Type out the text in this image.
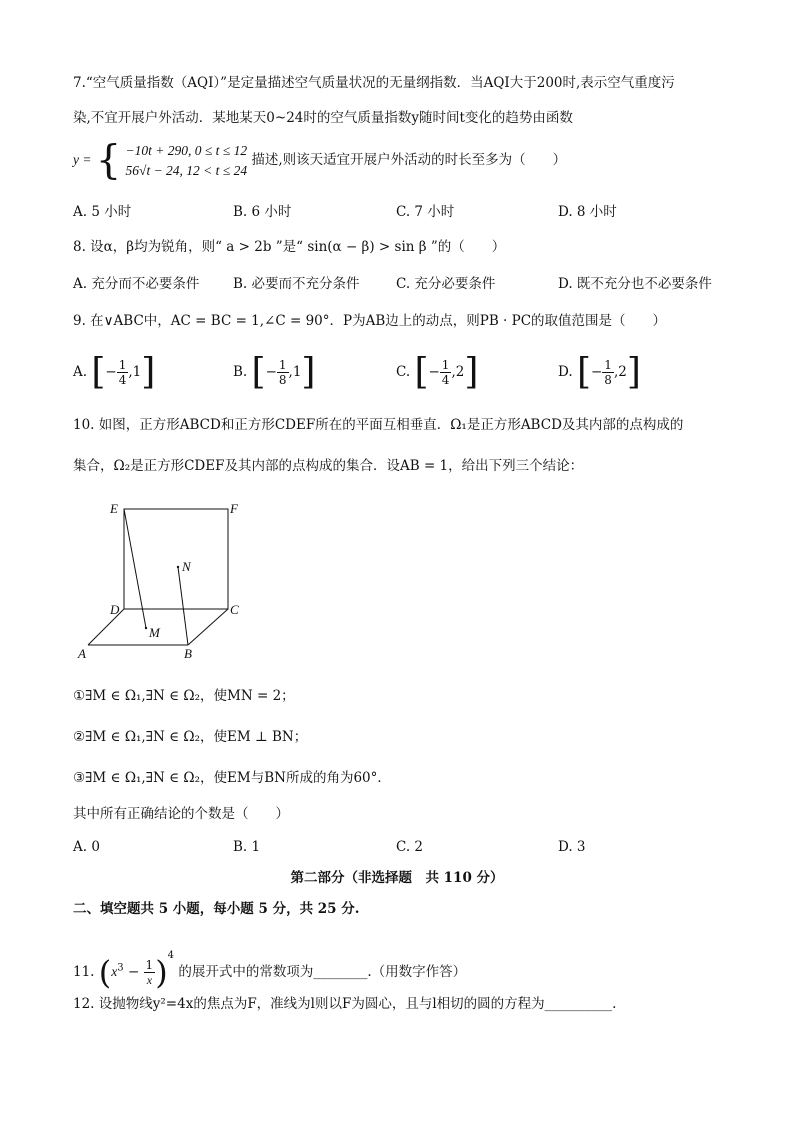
7.“空气质量指数（AQI）”是定量描述空气质量状况的无量纲指数．当AQI大于200时,表示空气重度污
染,不宜开展户外活动．某地某天0~24时的空气质量指数y随时间t变化的趋势由函数
y = { −10t + 290, 0 ≤ t ≤ 12
56√t − 24, 12 < t ≤ 24
描述,则该天适宜开展户外活动的时长至多为（　　）
A. 5 小时	B. 6 小时	C. 7 小时	D. 8 小时
8. 设α，β均为锐角，则“ a > 2b ”是“ sin(α − β) > sin β ”的（　　）
A. 充分而不必要条件 B. 必要而不充分条件	C. 充分必要条件	D. 既不充分也不必要条件
9. 在∨ABC中，AC = BC = 1,∠C = 90°．P为AB边上的动点，则PB · PC的取值范围是（　　）
A. [− $\frac{1}{4} ,1$]	B. [− $\frac{1}{8} ,1$]	C. [− $\frac{1}{4} ,2$]	D. [− $\frac{1}{8} ,2$]
10. 如图，正方形ABCD和正方形CDEF所在的平面互相垂直．Ω₁是正方形ABCD及其内部的点构成的
集合，Ω₂是正方形CDEF及其内部的点构成的集合．设AB = 1，给出下列三个结论：
E	F
N
D	C
M
A	B
①∃M ∈ Ω₁,∃N ∈ Ω₂，使MN = 2；
②∃M ∈ Ω₁,∃N ∈ Ω₂，使EM ⊥ BN；
③∃M ∈ Ω₁,∃N ∈ Ω₂，使EM与BN所成的角为60°．
其中所有正确结论的个数是（　　）
A. 0	B. 1	C. 2	D. 3
第二部分（非选择题　共 110 分）
二、填空题共 5 小题，每小题 5 分，共 25 分.
11. $(x^3 - \frac{1}{x} )^4$ 的展开式中的常数项为________.（用数字作答）
12. 设抛物线y²=4x的焦点为F，准线为l则以F为圆心，且与l相切的圆的方程为__________.
